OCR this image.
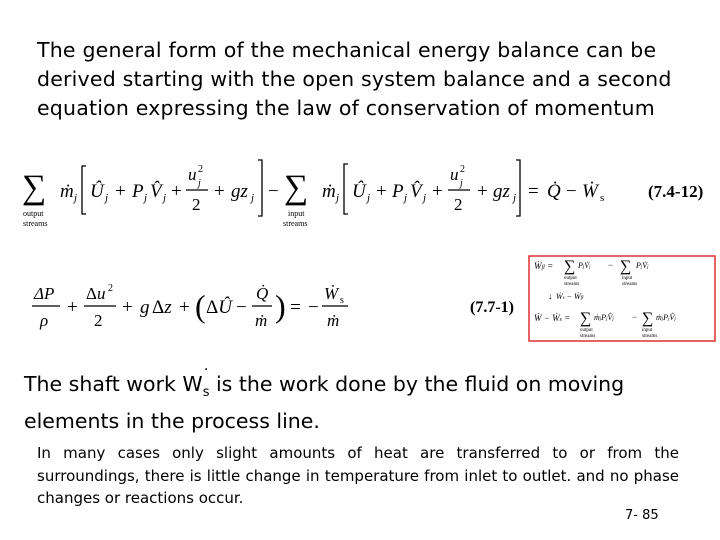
The general form of the mechanical energy balance can be
derived starting with the open system balance and a second
equation expressing the law of conservation of momentum
∑
output
streams
ṁ j Û j + P j V̂ j +
u 2
j
2
+ gz j − ∑
input
streams
ṁ j Û j + P j V̂ j +
u 2
j
2
+ gz j = Q̇ − Ẇ s	(7.4-12)
ΔP
ρ
+
Δu 2
2
+ g Δz + ( ΔÛ −
Q̇
ṁ ) = −
Ẇ s
ṁ
(7.7-1)
Ẇfl = ∑ PjV̇j − ∑ PjV̇j
output
streams
input
streams
↓ Ẇs − Ẇfl
Ẇ − Ẇs = ∑ ṁjPjV̂j − ∑ ṁjPjV̂j
output
streams
input
streams
The shaft work $W_s$ is the work done by the fluid on moving
elements in the process line.
·
In many cases only slight amounts of heat are transferred to or from the surroundings, there is little change in temperature from inlet to outlet. and no phase changes or reactions occur.
7- 85
